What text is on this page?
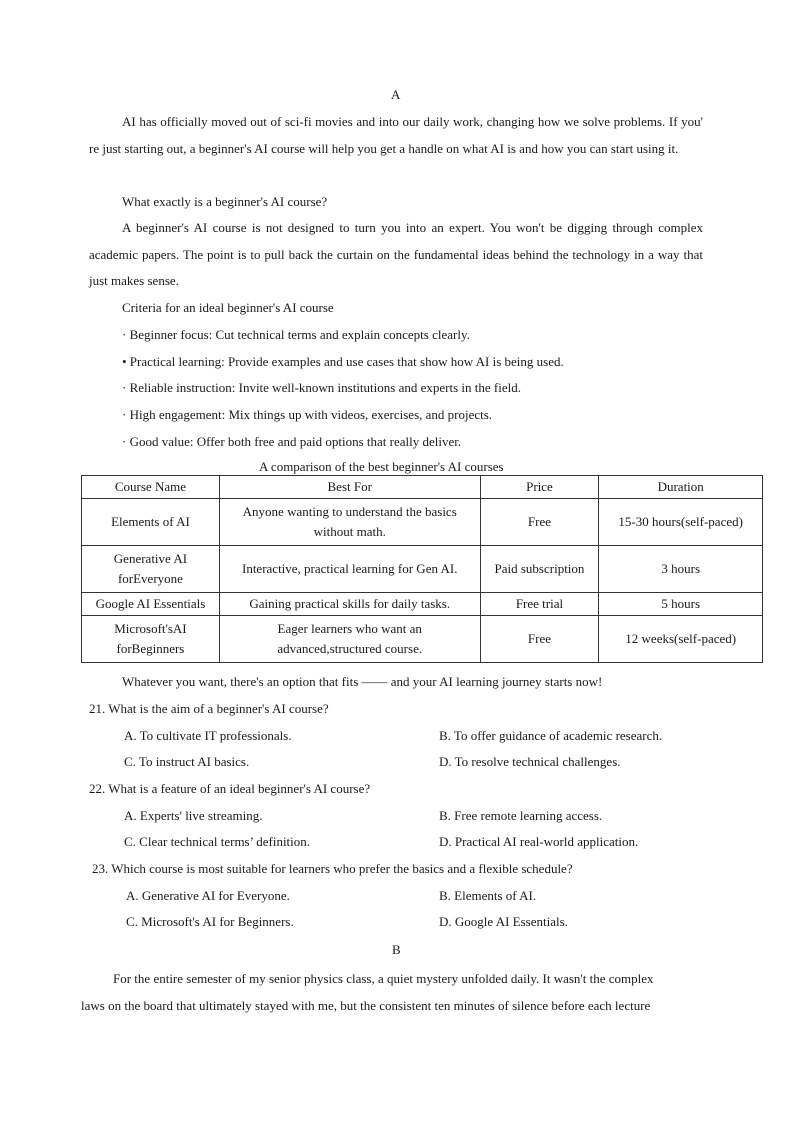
A
AI has officially moved out of sci-fi movies and into our daily work, changing how we solve problems. If you' re just starting out, a beginner's AI course will help you get a handle on what AI is and how you can start using it.
What exactly is a beginner's AI course?
A beginner's AI course is not designed to turn you into an expert. You won't be digging through complex academic papers. The point is to pull back the curtain on the fundamental ideas behind the technology in a way that just makes sense.
Criteria for an ideal beginner's AI course
· Beginner focus: Cut technical terms and explain concepts clearly.
• Practical learning: Provide examples and use cases that show how AI is being used.
· Reliable instruction: Invite well-known institutions and experts in the field.
· High engagement: Mix things up with videos, exercises, and projects.
· Good value: Offer both free and paid options that really deliver.
A comparison of the best beginner's AI courses
Course Name	Best For	Price	Duration
Elements of AI	Anyone wanting to understand the basics without math.	Free	15-30 hours(self-paced)
Generative AI forEveryone	Interactive, practical learning for Gen AI.	Paid subscription	3 hours
Google AI Essentials	Gaining practical skills for daily tasks.	Free trial	5 hours
Microsoft'sAI forBeginners	Eager learners who want an advanced,structured course.	Free	12 weeks(self-paced)
Whatever you want, there's an option that fits —— and your AI learning journey starts now!
21. What is the aim of a beginner's AI course?
A. To cultivate IT professionals.	B. To offer guidance of academic research.
C. To instruct AI basics.	D. To resolve technical challenges.
22. What is a feature of an ideal beginner's AI course?
A. Experts' live streaming.	B. Free remote learning access.
C. Clear technical terms’ definition.	D. Practical AI real-world application.
23. Which course is most suitable for learners who prefer the basics and a flexible schedule?
A. Generative AI for Everyone.	B. Elements of AI.
C. Microsoft's AI for Beginners.	D. Google AI Essentials.
B
For the entire semester of my senior physics class, a quiet mystery unfolded daily. It wasn't the complex
laws on the board that ultimately stayed with me, but the consistent ten minutes of silence before each lecture
